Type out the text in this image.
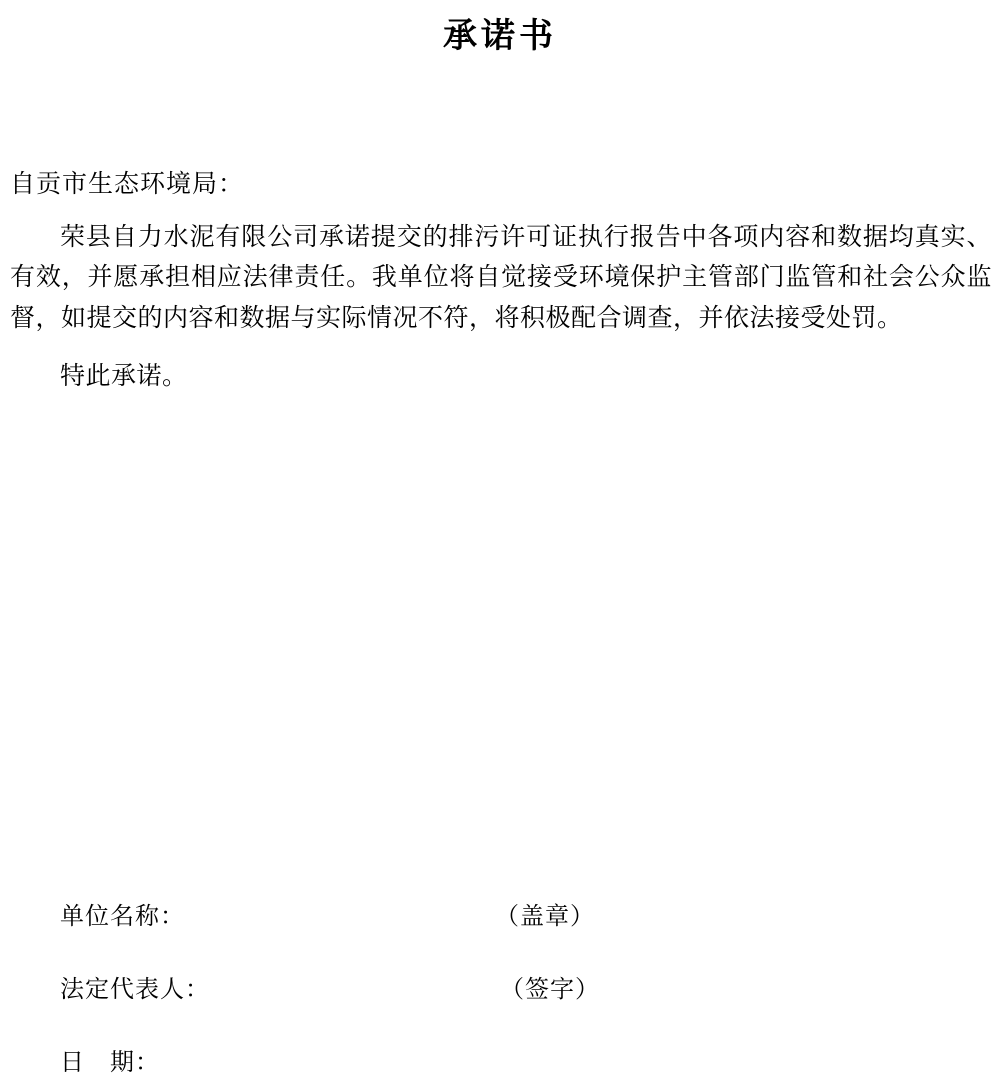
承诺书

自贡市生态环境局：

荣县自力水泥有限公司承诺提交的排污许可证执行报告中各项内容和数据均真实、有效，并愿承担相应法律责任。我单位将自觉接受环境保护主管部门监管和社会公众监督，如提交的内容和数据与实际情况不符，将积极配合调查，并依法接受处罚。

特此承诺。

单位名称：	（盖章）
法定代表人：	（签字）
日　期：
